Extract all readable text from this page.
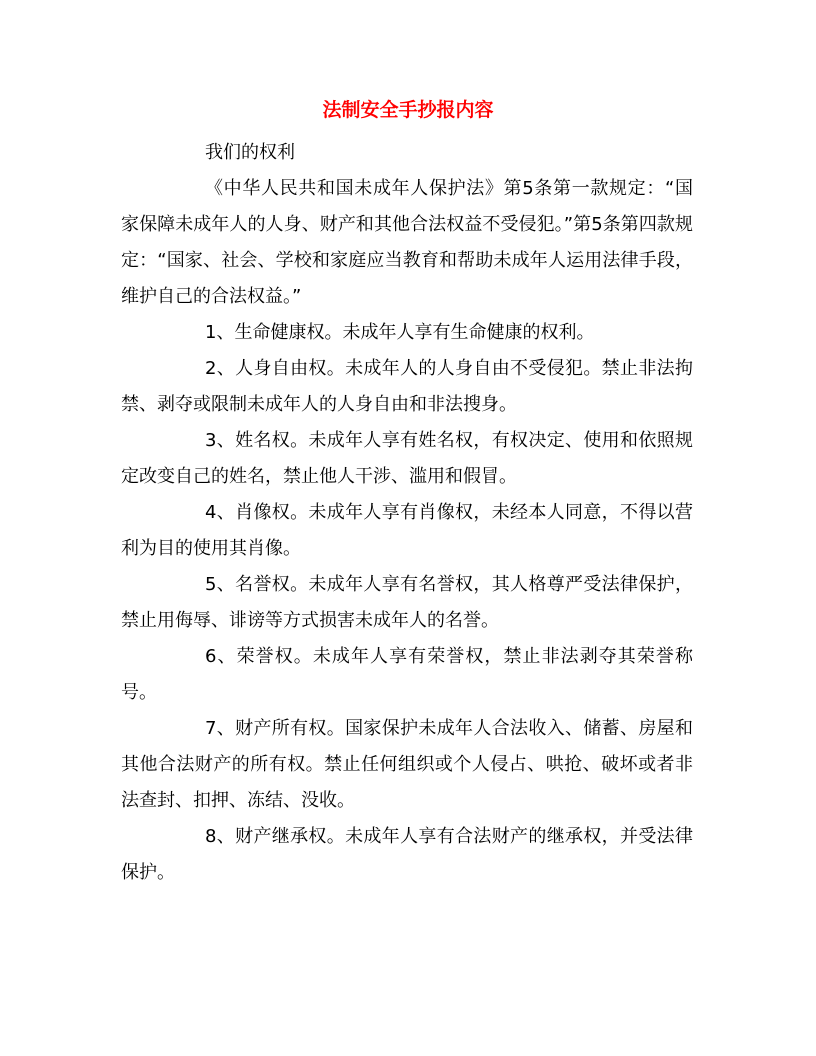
法制安全手抄报内容

我们的权利

《中华人民共和国未成年人保护法》第5条第一款规定：“国家保障未成年人的人身、财产和其他合法权益不受侵犯。”第5条第四款规定：“国家、社会、学校和家庭应当教育和帮助未成年人运用法律手段，维护自己的合法权益。”

1、生命健康权。未成年人享有生命健康的权利。

2、人身自由权。未成年人的人身自由不受侵犯。禁止非法拘禁、剥夺或限制未成年人的人身自由和非法搜身。

3、姓名权。未成年人享有姓名权，有权决定、使用和依照规定改变自己的姓名，禁止他人干涉、滥用和假冒。

4、肖像权。未成年人享有肖像权，未经本人同意，不得以营利为目的使用其肖像。

5、名誉权。未成年人享有名誉权，其人格尊严受法律保护，禁止用侮辱、诽谤等方式损害未成年人的名誉。

6、荣誉权。未成年人享有荣誉权，禁止非法剥夺其荣誉称号。

7、财产所有权。国家保护未成年人合法收入、储蓄、房屋和其他合法财产的所有权。禁止任何组织或个人侵占、哄抢、破坏或者非法查封、扣押、冻结、没收。

8、财产继承权。未成年人享有合法财产的继承权，并受法律保护。
